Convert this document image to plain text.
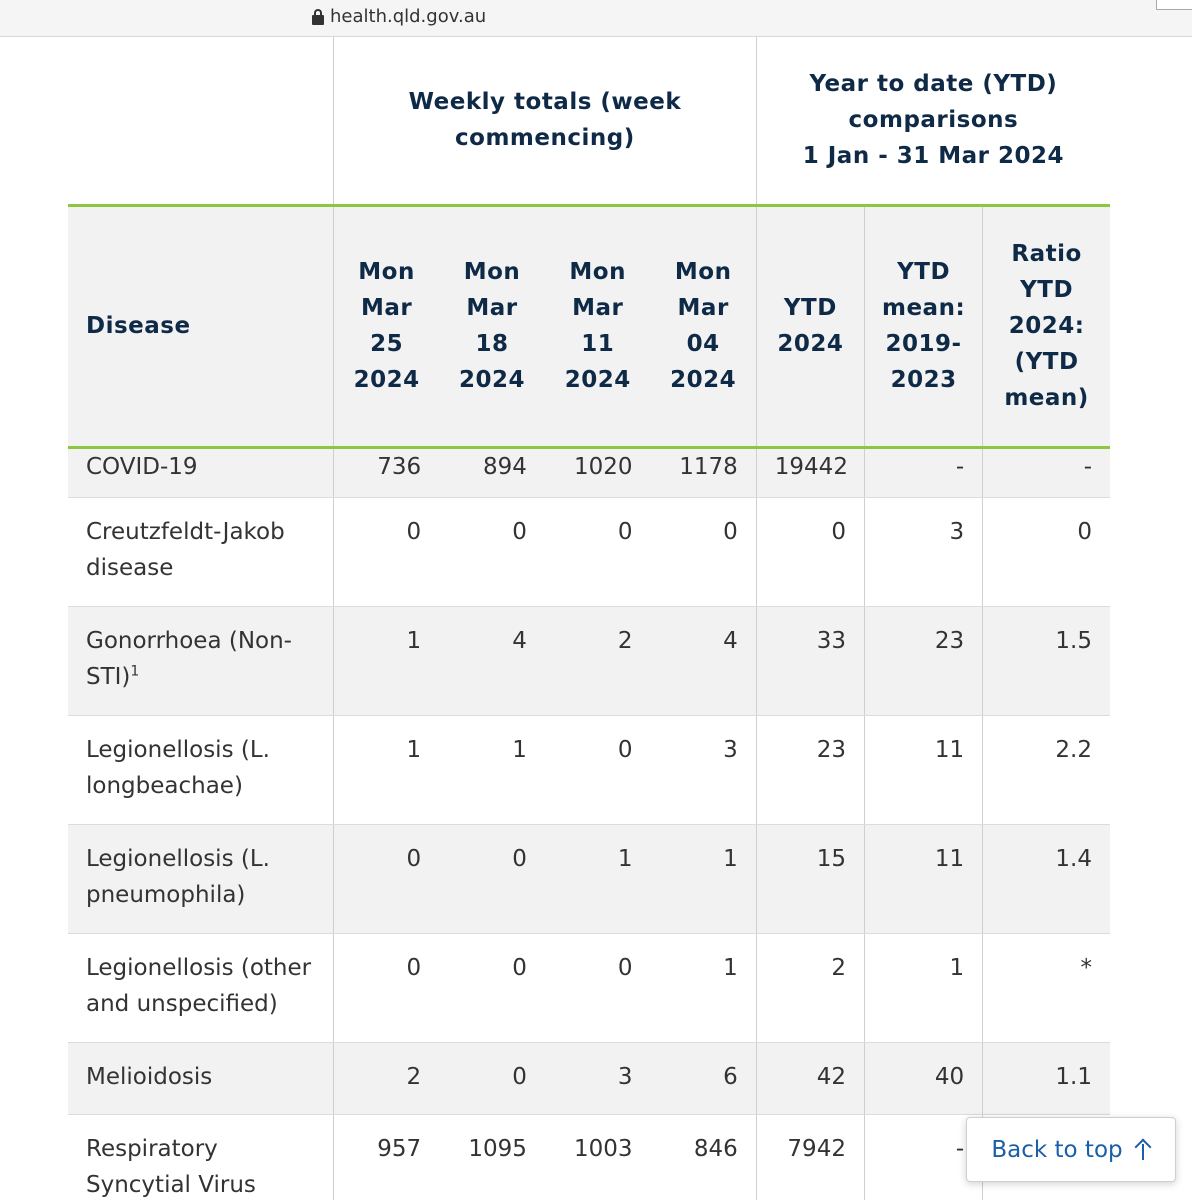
health.qld.gov.au
	Weekly totals (week commencing)				Year to date (YTD) comparisons
1 Jan - 31 Mar 2024		
Disease	Mon Mar 25 2024	Mon Mar 18 2024	Mon Mar 11 2024	Mon Mar 04 2024	YTD 2024	YTD mean: 2019-2023	Ratio YTD 2024: (YTD mean)
COVID-19	736	894	1020	1178	19442	-	-
Creutzfeldt-Jakob disease	0	0	0	0	0	3	0
Gonorrhoea $(Non-STI)^1$	1	4	2	4	33	23	1.5
Legionellosis (L. longbeachae)	1	1	0	3	23	11	2.2
Legionellosis (L. pneumophila)	0	0	1	1	15	11	1.4
Legionellosis (other and unspecified)	0	0	0	1	2	1	*
Melioidosis	2	0	3	6	42	40	1.1
Respiratory Syncytial Virus	957	1095	1003	846	7942	-	Back to top
